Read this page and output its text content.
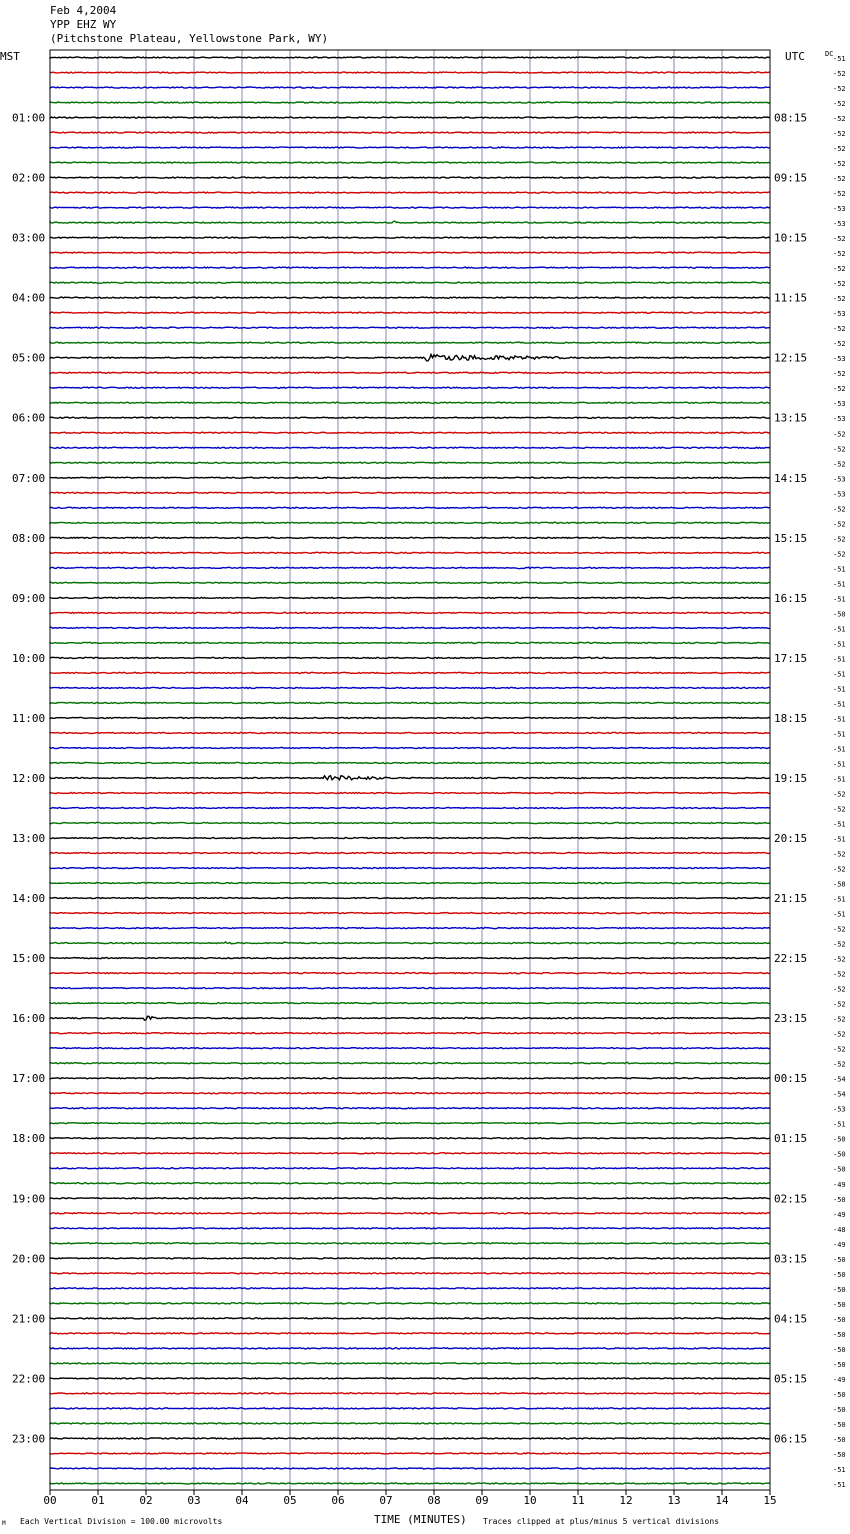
Feb 4,2004
YPP EHZ WY
(Pitchstone Plateau, Yellowstone Park, WY)
-51
-52
-52
-52
-52
-52
-52
-52
-52
-52
-53
-53
-52
-52
-52
-52
-52
-53
-52
-52
-53
-52
-52
-53
-53
-52
-52
-52
-53
-53
-52
-52
-52
-52
-51
-51
-51
-50
-51
-51
-51
-51
-51
-51
-51
-51
-51
-51
-51
-52
-52
-51
-51
-52
-52
-58
-51
-51
-52
-52
-52
-52
-52
-52
-52
-52
-52
-52
-54
-54
-53
-51
-50
-50
-50
-49
-50
-49
-48
-49
-50
-50
-50
-50
-50
-50
-50
-50
-49
-50
-50
-50
-50
-50
-51
-51
01:00
02:00
03:00
04:00
05:00
06:00
07:00
08:00
09:00
10:00
11:00
12:00
13:00
14:00
15:00
16:00
17:00
18:00
19:00
20:00
21:00
22:00
23:00
08:15
09:15
10:15
11:15
12:15
13:15
14:15
15:15
16:15
17:15
18:15
19:15
20:15
21:15
22:15
23:15
00:15
01:15
02:15
03:15
04:15
05:15
06:15
00	01	02	03	04	05	06	07	08	09	10	11	12	13	14	15
MST	UTC	DC
TIME (MINUTES)
Each Vertical Division = 100.00 microvolts	Traces clipped at plus/minus 5 vertical divisions
M
